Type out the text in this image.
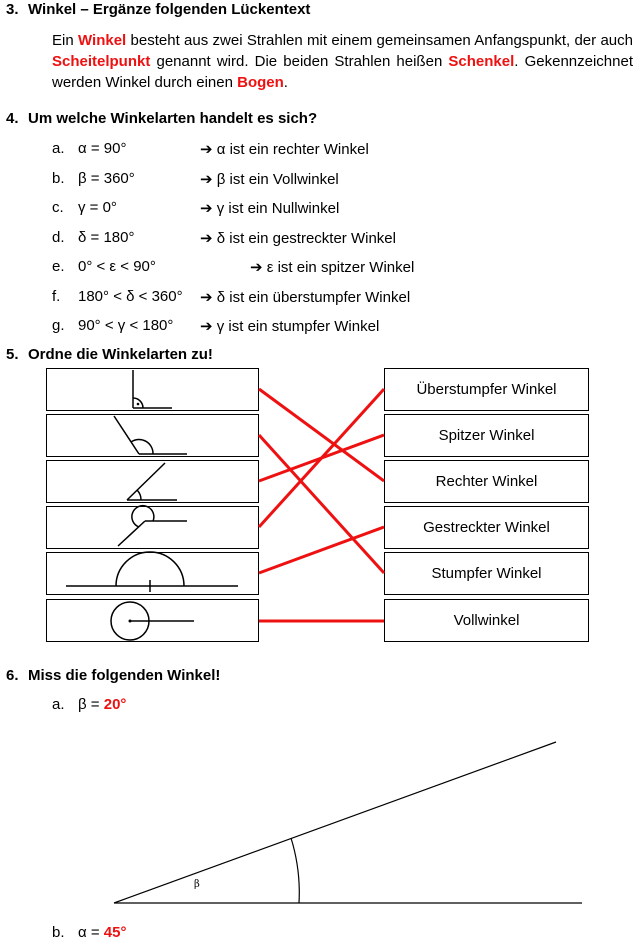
3. Winkel – Ergänze folgenden Lückentext
Ein Winkel besteht aus zwei Strahlen mit einem gemeinsamen Anfangspunkt, der auch Scheitelpunkt genannt wird. Die beiden Strahlen heißen Schenkel. Gekennzeichnet werden Winkel durch einen Bogen.
4. Um welche Winkelarten handelt es sich?
a. α = 90°	➔ α ist ein rechter Winkel
b. β = 360°	➔ β ist ein Vollwinkel
c. γ = 0°	➔ γ ist ein Nullwinkel
d. δ = 180°	➔ δ ist ein gestreckter Winkel
e. 0° < ε < 90°	➔ ε ist ein spitzer Winkel
f. 180° < δ < 360° ➔ δ ist ein überstumpfer Winkel
g. 90° < γ < 180° ➔ γ ist ein stumpfer Winkel
5. Ordne die Winkelarten zu!
Überstumpfer Winkel
Spitzer Winkel
Rechter Winkel
Gestreckter Winkel
Stumpfer Winkel
Vollwinkel
6. Miss die folgenden Winkel!
a. β = 20°
β
b. α = 45°
